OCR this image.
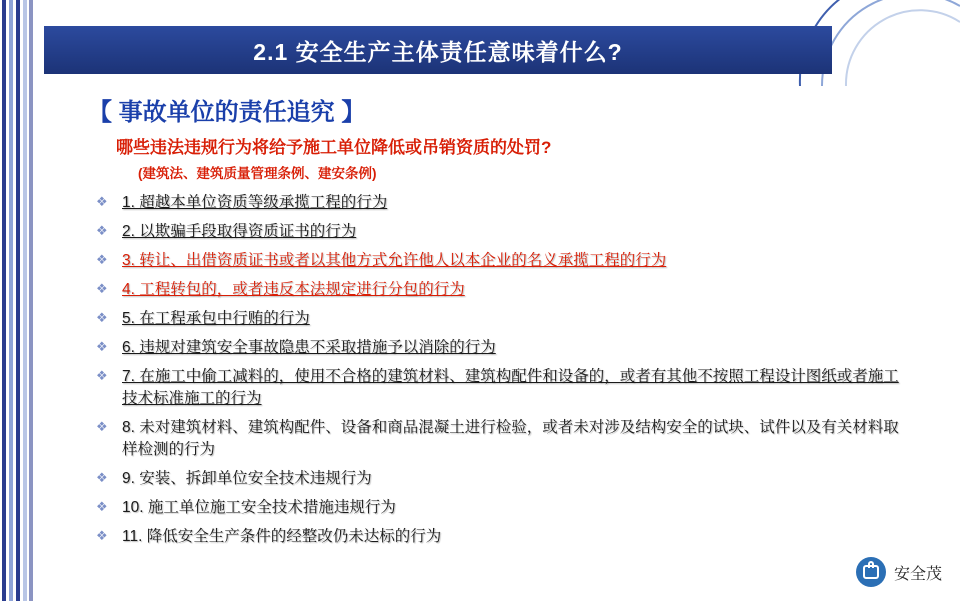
2.1 安全生产主体责任意味着什么?
【 事故单位的责任追究 】
哪些违法违规行为将给予施工单位降低或吊销资质的处罚?
(建筑法、建筑质量管理条例、建安条例)
❖ 1. 超越本单位资质等级承揽工程的行为
❖ 2. 以欺骗手段取得资质证书的行为
❖ 3. 转让、出借资质证书或者以其他方式允许他人以本企业的名义承揽工程的行为
❖ 4. 工程转包的，或者违反本法规定进行分包的行为
❖ 5. 在工程承包中行贿的行为
❖ 6. 违规对建筑安全事故隐患不采取措施予以消除的行为
❖ 7. 在施工中偷工减料的，使用不合格的建筑材料、建筑构配件和设备的，或者有其他不按照工程设计图纸或者施工技术标准施工的行为
❖ 8. 未对建筑材料、建筑构配件、设备和商品混凝土进行检验，或者未对涉及结构安全的试块、试件以及有关材料取样检测的行为
❖ 9. 安装、拆卸单位安全技术违规行为
❖ 10. 施工单位施工安全技术措施违规行为
❖ 11. 降低安全生产条件的经整改仍未达标的行为
安全茂
